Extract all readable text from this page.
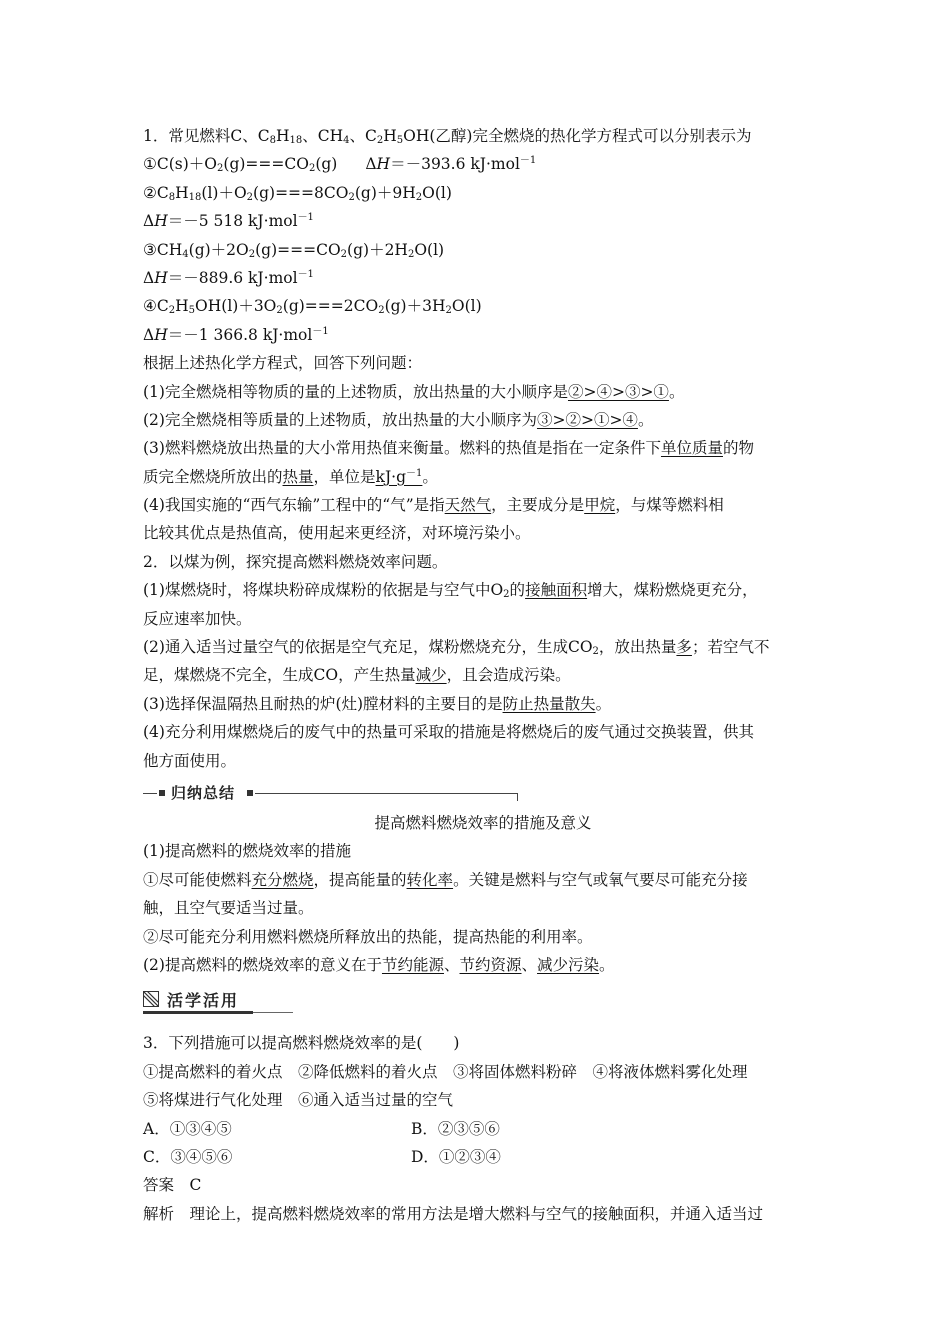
1．常见燃料C、$C_8H_{18}$、$CH_4$、$C_2H_5OH$(乙醇)完全燃烧的热化学方程式可以分别表示为
$①C(s)+O_2(g)===CO_2(g)$ ΔH＝－393.6 kJ·mol$^{-1}$
$②C_8H_{18}(l)+O_2(g)===8CO_2(g)+9H_2O(l)$
ΔH＝－5 518 kJ·mol$^{-1}$
$③CH_4(g)+2O_2(g)===CO_2(g)+2H_2O(l)$
ΔH＝－889.6 kJ·mol$^{-1}$
$④C_2H_5OH(l)+3O_2(g)===2CO_2(g)+3H_2O(l)$
ΔH＝－1 366.8 kJ·mol$^{-1}$
根据上述热化学方程式，回答下列问题：
(1)完全燃烧相等物质的量的上述物质，放出热量的大小顺序是②>④>③>①。
(2)完全燃烧相等质量的上述物质，放出热量的大小顺序为③>②>①>④。
(3)燃料燃烧放出热量的大小常用热值来衡量。燃料的热值是指在一定条件下单位质量的物
质完全燃烧所放出的热量，单位是$kJ\cdot g^{-1}$。
(4)我国实施的“西气东输”工程中的“气”是指天然气，主要成分是甲烷，与煤等燃料相
比较其优点是热值高，使用起来更经济，对环境污染小。
2．以煤为例，探究提高燃料燃烧效率问题。
(1)煤燃烧时，将煤块粉碎成煤粉的依据是与空气中$O_2$的接触面积增大，煤粉燃烧更充分，
反应速率加快。
(2)通入适当过量空气的依据是空气充足，煤粉燃烧充分，生成$CO_2$，放出热量多；若空气不
足，煤燃烧不完全，生成CO，产生热量减少，且会造成污染。
(3)选择保温隔热且耐热的炉(灶)膛材料的主要目的是防止热量散失。
(4)充分利用煤燃烧后的废气中的热量可采取的措施是将燃烧后的废气通过交换装置，供其
他方面使用。
归纳总结
提高燃料燃烧效率的措施及意义
(1)提高燃料的燃烧效率的措施
①尽可能使燃料充分燃烧，提高能量的转化率。关键是燃料与空气或氧气要尽可能充分接
触，且空气要适当过量。
②尽可能充分利用燃料燃烧所释放出的热能，提高热能的利用率。
(2)提高燃料的燃烧效率的意义在于节约能源、节约资源、减少污染。
活学活用
3．下列措施可以提高燃料燃烧效率的是(　　)
①提高燃料的着火点　②降低燃料的着火点　③将固体燃料粉碎　④将液体燃料雾化处理
⑤将煤进行气化处理　⑥通入适当过量的空气
A．①③④⑤	B．②③⑤⑥
C．③④⑤⑥	D．①②③④
答案　C
解析　理论上，提高燃料燃烧效率的常用方法是增大燃料与空气的接触面积，并通入适当过
